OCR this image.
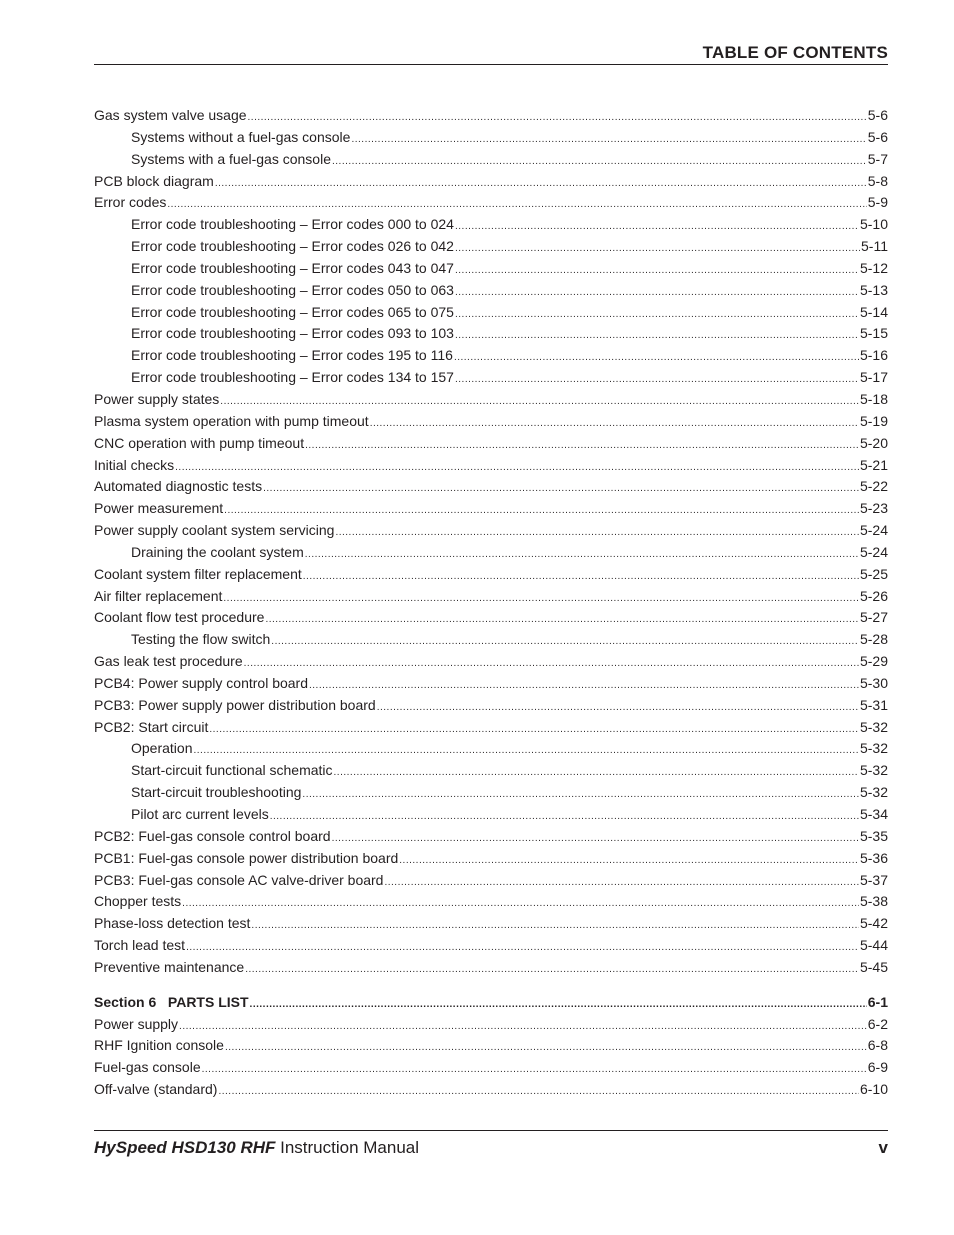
TABLE OF CONTENTS
Gas system valve usage .....	5-6
Systems without a fuel-gas console .....	5-6
Systems with a fuel-gas console .....	5-7
PCB block diagram .....	5-8
Error codes .....	5-9
Error code troubleshooting – Error codes 000 to 024 .....	5-10
Error code troubleshooting – Error codes 026 to 042 .....	5-11
Error code troubleshooting – Error codes 043 to 047 .....	5-12
Error code troubleshooting – Error codes 050 to 063 .....	5-13
Error code troubleshooting – Error codes 065 to 075 .....	5-14
Error code troubleshooting – Error codes 093 to 103 .....	5-15
Error code troubleshooting – Error codes 195 to 116 .....	5-16
Error code troubleshooting – Error codes 134 to 157 .....	5-17
Power supply states .....	5-18
Plasma system operation with pump timeout .....	5-19
CNC operation with pump timeout .....	5-20
Initial checks .....	5-21
Automated diagnostic tests .....	5-22
Power measurement .....	5-23
Power supply coolant system servicing .....	5-24
Draining the coolant system .....	5-24
Coolant system filter replacement .....	5-25
Air filter replacement .....	5-26
Coolant flow test procedure .....	5-27
Testing the flow switch .....	5-28
Gas leak test procedure .....	5-29
PCB4: Power supply control board .....	5-30
PCB3: Power supply power distribution board .....	5-31
PCB2: Start circuit .....	5-32
Operation .....	5-32
Start-circuit functional schematic .....	5-32
Start-circuit troubleshooting .....	5-32
Pilot arc current levels .....	5-34
PCB2: Fuel-gas console control board .....	5-35
PCB1: Fuel-gas console power distribution board .....	5-36
PCB3: Fuel-gas console AC valve-driver board .....	5-37
Chopper tests .....	5-38
Phase-loss detection test .....	5-42
Torch lead test .....	5-44
Preventive maintenance .....	5-45
Section 6   PARTS LIST .....	6-1
Power supply .....	6-2
RHF Ignition console .....	6-8
Fuel-gas console .....	6-9
Off-valve (standard) .....	6-10
HySpeed HSD130 RHF Instruction Manual	v
